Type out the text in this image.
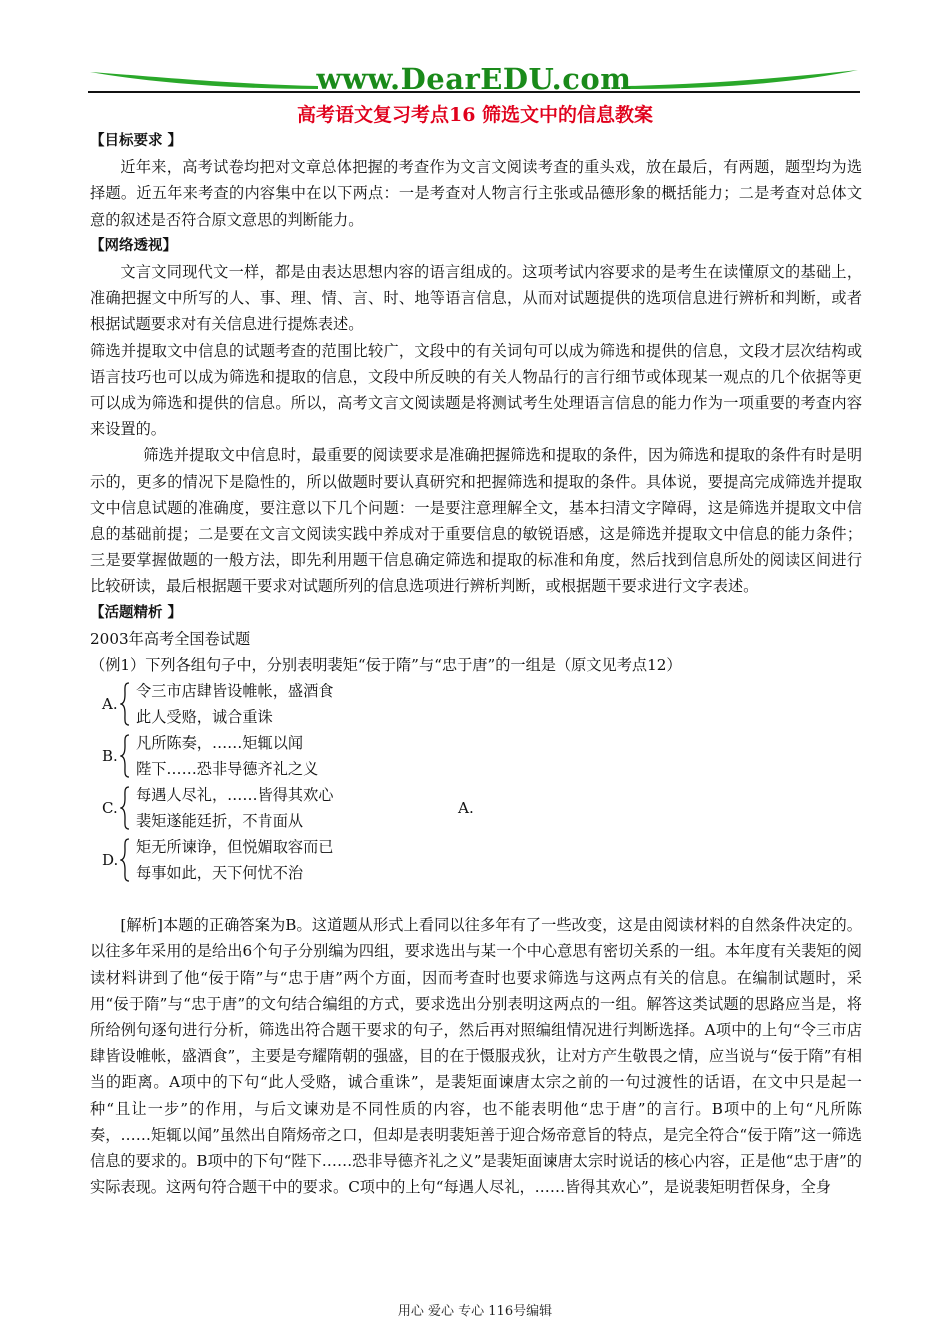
www.DearEDU.com
高考语文复习考点16 筛选文中的信息教案

【目标要求 】

近年来，高考试卷均把对文章总体把握的考查作为文言文阅读考查的重头戏，放在最后，有两题，题型均为选择题。近五年来考查的内容集中在以下两点：一是考查对人物言行主张或品德形象的概括能力；二是考查对总体文意的叙述是否符合原文意思的判断能力。

【网络透视】

文言文同现代文一样，都是由表达思想内容的语言组成的。这项考试内容要求的是考生在读懂原文的基础上，准确把握文中所写的人、事、理、情、言、时、地等语言信息，从而对试题提供的选项信息进行辨析和判断，或者根据试题要求对有关信息进行提炼表述。

筛选并提取文中信息的试题考查的范围比较广，文段中的有关词句可以成为筛选和提供的信息，文段才层次结构或语言技巧也可以成为筛选和提取的信息，文段中所反映的有关人物品行的言行细节或体现某一观点的几个依据等更可以成为筛选和提供的信息。所以，高考文言文阅读题是将测试考生处理语言信息的能力作为一项重要的考查内容来设置的。

筛选并提取文中信息时，最重要的阅读要求是准确把握筛选和提取的条件，因为筛选和提取的条件有时是明示的，更多的情况下是隐性的，所以做题时要认真研究和把握筛选和提取的条件。具体说，要提高完成筛选并提取文中信息试题的准确度，要注意以下几个问题：一是要注意理解全文，基本扫清文字障碍，这是筛选并提取文中信息的基础前提；二是要在文言文阅读实践中养成对于重要信息的敏锐语感，这是筛选并提取文中信息的能力条件；三是要掌握做题的一般方法，即先利用题干信息确定筛选和提取的标准和角度，然后找到信息所处的阅读区间进行比较研读，最后根据题干要求对试题所列的信息选项进行辨析判断，或根据题干要求进行文字表述。

【活题精析 】

2003年高考全国卷试题

（例1）下列各组句子中，分别表明裴矩“佞于隋”与“忠于唐”的一组是（原文见考点12）

A.
令三市店肆皆设帷帐，盛酒食
此人受赂，诚合重诛
B.
凡所陈奏，……矩辄以闻
陛下……恐非导德齐礼之义
C.
每遇人尽礼，……皆得其欢心
裴矩遂能廷折，不肯面从
D.
矩无所谏诤，但悦媚取容而已
每事如此，天下何忧不治
A.

[解析]本题的正确答案为B。这道题从形式上看同以往多年有了一些改变，这是由阅读材料的自然条件决定的。以往多年采用的是给出6个句子分别编为四组，要求选出与某一个中心意思有密切关系的一组。本年度有关裴矩的阅读材料讲到了他“佞于隋”与“忠于唐”两个方面，因而考查时也要求筛选与这两点有关的信息。在编制试题时，采用“佞于隋”与“忠于唐”的文句结合编组的方式，要求选出分别表明这两点的一组。解答这类试题的思路应当是，将所给例句逐句进行分析，筛选出符合题干要求的句子，然后再对照编组情况进行判断选择。A项中的上句“令三市店肆皆设帷帐，盛酒食”，主要是夸耀隋朝的强盛，目的在于慑服戎狄，让对方产生敬畏之情，应当说与“佞于隋”有相当的距离。A项中的下句“此人受赂，诚合重诛”，是裴矩面谏唐太宗之前的一句过渡性的话语，在文中只是起一种“且让一步”的作用，与后文谏劝是不同性质的内容，也不能表明他“忠于唐”的言行。B项中的上句“凡所陈奏，……矩辄以闻”虽然出自隋炀帝之口，但却是表明裴矩善于迎合炀帝意旨的特点，是完全符合“佞于隋”这一筛选信息的要求的。B项中的下句“陛下……恐非导德齐礼之义”是裴矩面谏唐太宗时说话的核心内容，正是他“忠于唐”的实际表现。这两句符合题干中的要求。C项中的上句“每遇人尽礼，……皆得其欢心”，是说裴矩明哲保身，全身

用心 爱心 专心 116号编辑
